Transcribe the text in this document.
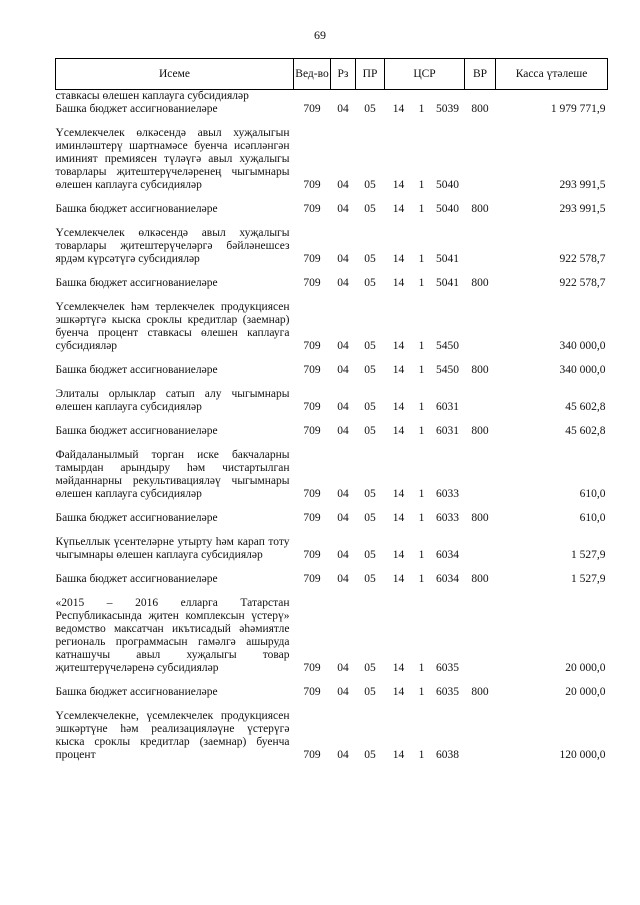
69
Исеме	Вед-во	Рз	ПР	ЦСР			ВР	Касса үтәлеше
ставкасы өлешен каплауга субсидияләр								
Башка бюджет ассигнованиеләре	709	04	05	14	1	5039	800	1 979 771,9

Үсемлекчелек өлкәсендә авыл хуҗалыгын иминләштерү шартнамәсе буенча исәпләнгән иминият премиясен түләүгә авыл хуҗалыгы товарлары җитештерүчеләренең чыгымнары өлешен каплауга субсидияләр	709	04	05	14	1	5040		293 991,5

Башка бюджет ассигнованиеләре	709	04	05	14	1	5040	800	293 991,5

Үсемлекчелек өлкәсендә авыл хуҗалыгы товарлары җитештерүчеләргә бәйләнешсез ярдәм күрсәтүгә субсидияләр	709	04	05	14	1	5041		922 578,7

Башка бюджет ассигнованиеләре	709	04	05	14	1	5041	800	922 578,7

Үсемлекчелек һәм терлекчелек продукциясен эшкәртүгә кыска сроклы кредитлар (заемнар) буенча процент ставкасы өлешен каплауга субсидияләр	709	04	05	14	1	5450		340 000,0

Башка бюджет ассигнованиеләре	709	04	05	14	1	5450	800	340 000,0

Элиталы орлыклар сатып алу чыгымнары өлешен каплауга субсидияләр	709	04	05	14	1	6031		45 602,8

Башка бюджет ассигнованиеләре	709	04	05	14	1	6031	800	45 602,8

Файдаланылмый торган иске бакчаларны тамырдан арындыру һәм чистартылган мәйданнарны рекультивацияләү чыгымнары өлешен каплауга субсидияләр	709	04	05	14	1	6033		610,0

Башка бюджет ассигнованиеләре	709	04	05	14	1	6033	800	610,0

Күпьеллык үсентеләрне утырту һәм карап тоту чыгымнары өлешен каплауга субсидияләр	709	04	05	14	1	6034		1 527,9

Башка бюджет ассигнованиеләре	709	04	05	14	1	6034	800	1 527,9

«2015 – 2016 елларга Татарстан Республикасында җитен комплексын үстерү» ведомство максатчан икътисадый әһәмиятле региональ программасын гамәлгә ашыруда катнашучы авыл хуҗалыгы товар җитештерүчеләренә субсидияләр	709	04	05	14	1	6035		20 000,0

Башка бюджет ассигнованиеләре	709	04	05	14	1	6035	800	20 000,0

Үсемлекчелекне, үсемлекчелек продукциясен эшкәртүне һәм реализацияләүне үстерүгә кыска сроклы кредитлар (заемнар) буенча процент	709	04	05	14	1	6038		120 000,0
